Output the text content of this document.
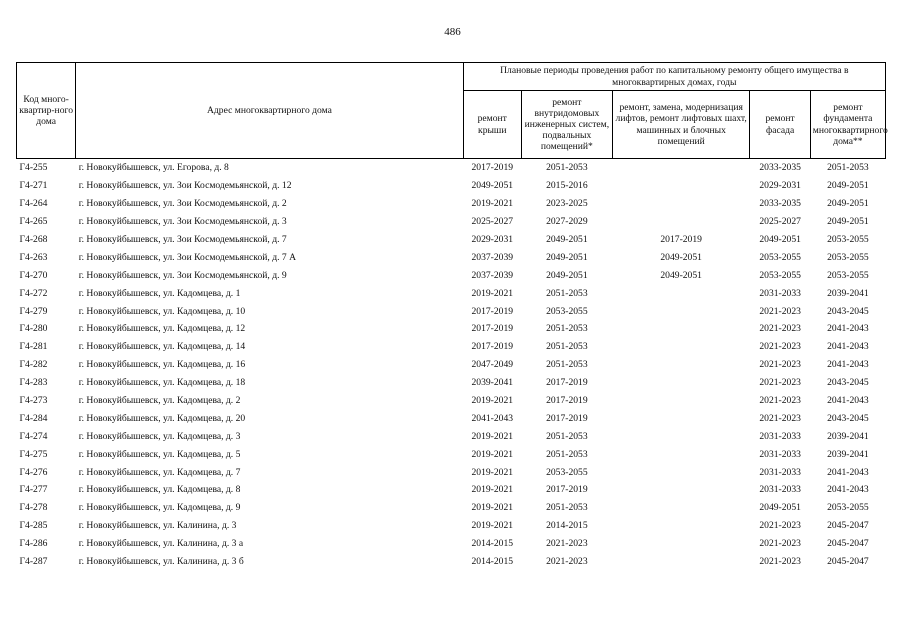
486
Код много-квартир-ного дома	Адрес многоквартирного дома	Плановые периоды проведения работ по капитальному ремонту общего имущества в многоквартирных домах, годы				
		ремонт крыши	ремонт внутридомовых инженерных систем, подвальных помещений*	ремонт, замена, модернизация лифтов, ремонт лифтовых шахт, машинных и блочных помещений	ремонт фасада	ремонт фундамента многоквартирного дома**
Г4-255	г. Новокуйбышевск, ул. Егорова, д. 8	2017-2019	2051-2053		2033-2035	2051-2053
Г4-271	г. Новокуйбышевск, ул. Зои Космодемьянской, д. 12	2049-2051	2015-2016		2029-2031	2049-2051
Г4-264	г. Новокуйбышевск, ул. Зои Космодемьянской, д. 2	2019-2021	2023-2025		2033-2035	2049-2051
Г4-265	г. Новокуйбышевск, ул. Зои Космодемьянской, д. 3	2025-2027	2027-2029		2025-2027	2049-2051
Г4-268	г. Новокуйбышевск, ул. Зои Космодемьянской, д. 7	2029-2031	2049-2051	2017-2019	2049-2051	2053-2055
Г4-263	г. Новокуйбышевск, ул. Зои Космодемьянской, д. 7 А	2037-2039	2049-2051	2049-2051	2053-2055	2053-2055
Г4-270	г. Новокуйбышевск, ул. Зои Космодемьянской, д. 9	2037-2039	2049-2051	2049-2051	2053-2055	2053-2055
Г4-272	г. Новокуйбышевск, ул. Кадомцева, д. 1	2019-2021	2051-2053		2031-2033	2039-2041
Г4-279	г. Новокуйбышевск, ул. Кадомцева, д. 10	2017-2019	2053-2055		2021-2023	2043-2045
Г4-280	г. Новокуйбышевск, ул. Кадомцева, д. 12	2017-2019	2051-2053		2021-2023	2041-2043
Г4-281	г. Новокуйбышевск, ул. Кадомцева, д. 14	2017-2019	2051-2053		2021-2023	2041-2043
Г4-282	г. Новокуйбышевск, ул. Кадомцева, д. 16	2047-2049	2051-2053		2021-2023	2041-2043
Г4-283	г. Новокуйбышевск, ул. Кадомцева, д. 18	2039-2041	2017-2019		2021-2023	2043-2045
Г4-273	г. Новокуйбышевск, ул. Кадомцева, д. 2	2019-2021	2017-2019		2021-2023	2041-2043
Г4-284	г. Новокуйбышевск, ул. Кадомцева, д. 20	2041-2043	2017-2019		2021-2023	2043-2045
Г4-274	г. Новокуйбышевск, ул. Кадомцева, д. 3	2019-2021	2051-2053		2031-2033	2039-2041
Г4-275	г. Новокуйбышевск, ул. Кадомцева, д. 5	2019-2021	2051-2053		2031-2033	2039-2041
Г4-276	г. Новокуйбышевск, ул. Кадомцева, д. 7	2019-2021	2053-2055		2031-2033	2041-2043
Г4-277	г. Новокуйбышевск, ул. Кадомцева, д. 8	2019-2021	2017-2019		2031-2033	2041-2043
Г4-278	г. Новокуйбышевск, ул. Кадомцева, д. 9	2019-2021	2051-2053		2049-2051	2053-2055
Г4-285	г. Новокуйбышевск, ул. Калинина, д. 3	2019-2021	2014-2015		2021-2023	2045-2047
Г4-286	г. Новокуйбышевск, ул. Калинина, д. 3 а	2014-2015	2021-2023		2021-2023	2045-2047
Г4-287	г. Новокуйбышевск, ул. Калинина, д. 3 б	2014-2015	2021-2023		2021-2023	2045-2047
